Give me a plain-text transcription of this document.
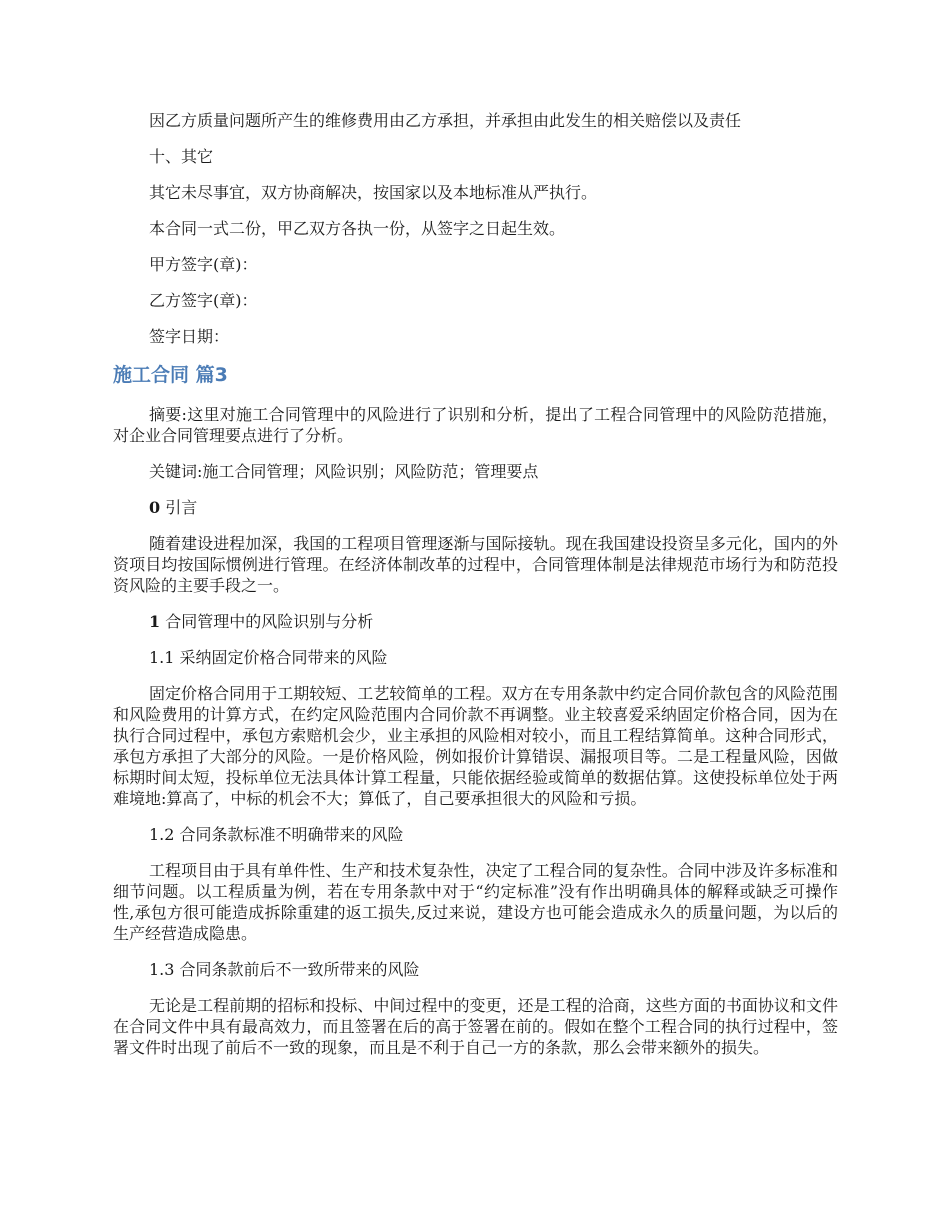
因乙方质量问题所产生的维修费用由乙方承担，并承担由此发生的相关赔偿以及责任

十、其它

其它未尽事宜，双方协商解决，按国家以及本地标准从严执行。

本合同一式二份，甲乙双方各执一份，从签字之日起生效。

甲方签字(章)：

乙方签字(章)：

签字日期：

施工合同 篇3

摘要:这里对施工合同管理中的风险进行了识别和分析，提出了工程合同管理中的风险防范措施，对企业合同管理要点进行了分析。

关键词:施工合同管理；风险识别；风险防范；管理要点

0 引言

随着建设进程加深，我国的工程项目管理逐渐与国际接轨。现在我国建设投资呈多元化，国内的外资项目均按国际惯例进行管理。在经济体制改革的过程中，合同管理体制是法律规范市场行为和防范投资风险的主要手段之一。

1 合同管理中的风险识别与分析

1.1 采纳固定价格合同带来的风险

固定价格合同用于工期较短、工艺较简单的工程。双方在专用条款中约定合同价款包含的风险范围和风险费用的计算方式，在约定风险范围内合同价款不再调整。业主较喜爱采纳固定价格合同，因为在执行合同过程中，承包方索赔机会少，业主承担的风险相对较小，而且工程结算简单。这种合同形式，承包方承担了大部分的风险。一是价格风险，例如报价计算错误、漏报项目等。二是工程量风险，因做标期时间太短，投标单位无法具体计算工程量，只能依据经验或简单的数据估算。这使投标单位处于两难境地:算高了，中标的机会不大；算低了，自己要承担很大的风险和亏损。

1.2 合同条款标准不明确带来的风险

工程项目由于具有单件性、生产和技术复杂性，决定了工程合同的复杂性。合同中涉及许多标准和细节问题。以工程质量为例，若在专用条款中对于“约定标准”没有作出明确具体的解释或缺乏可操作性,承包方很可能造成拆除重建的返工损失,反过来说，建设方也可能会造成永久的质量问题，为以后的生产经营造成隐患。

1.3 合同条款前后不一致所带来的风险

无论是工程前期的招标和投标、中间过程中的变更，还是工程的洽商，这些方面的书面协议和文件在合同文件中具有最高效力，而且签署在后的高于签署在前的。假如在整个工程合同的执行过程中，签署文件时出现了前后不一致的现象，而且是不利于自己一方的条款，那么会带来额外的损失。
